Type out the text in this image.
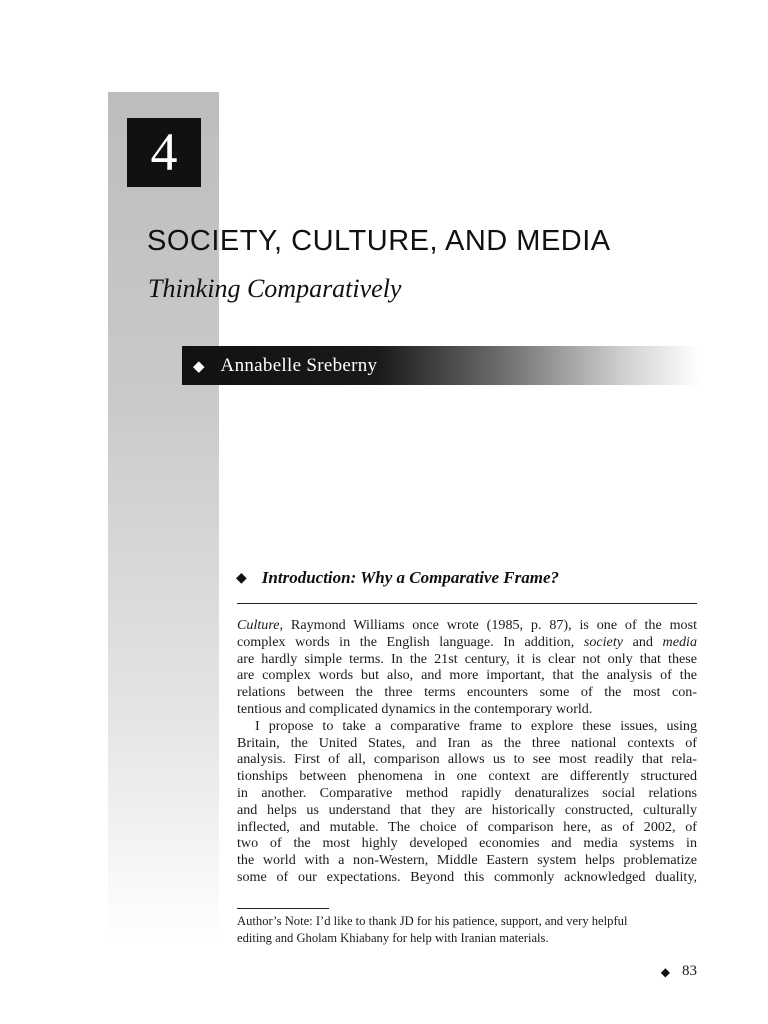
4
SOCIETY, CULTURE, AND MEDIA
Thinking Comparatively
◆ Annabelle Sreberny
◆ Introduction: Why a Comparative Frame?
Culture, Raymond Williams once wrote (1985, p. 87), is one of the most
complex words in the English language. In addition, society and media
are hardly simple terms. In the 21st century, it is clear not only that these
are complex words but also, and more important, that the analysis of the
relations between the three terms encounters some of the most con-
tentious and complicated dynamics in the contemporary world.
I propose to take a comparative frame to explore these issues, using
Britain, the United States, and Iran as the three national contexts of
analysis. First of all, comparison allows us to see most readily that rela-
tionships between phenomena in one context are differently structured
in another. Comparative method rapidly denaturalizes social relations
and helps us understand that they are historically constructed, culturally
inflected, and mutable. The choice of comparison here, as of 2002, of
two of the most highly developed economies and media systems in
the world with a non-Western, Middle Eastern system helps problematize
some of our expectations. Beyond this commonly acknowledged duality,
Author’s Note: I’d like to thank JD for his patience, support, and very helpful
editing and Gholam Khiabany for help with Iranian materials.
◆ 83
